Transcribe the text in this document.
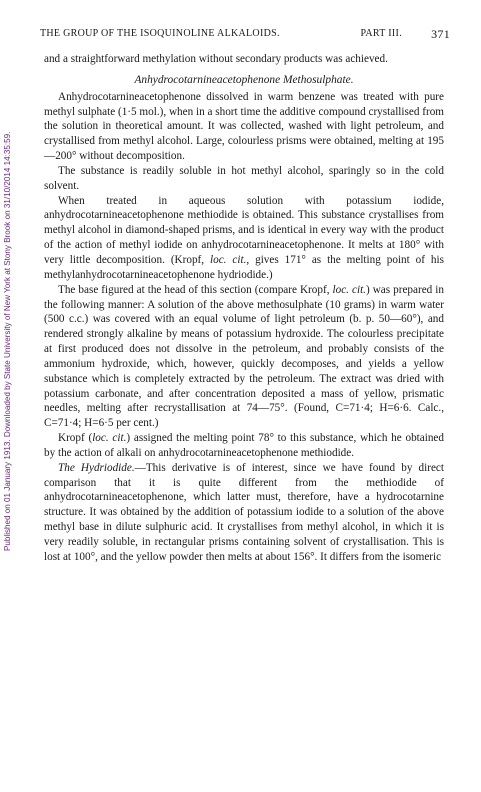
Published on 01 January 1913. Downloaded by State University of New York at Stony Brook on 31/10/2014 14:35:59.
THE GROUP OF THE ISOQUINOLINE ALKALOIDS.	PART III. 371

and a straightforward methylation without secondary products was achieved.

Anhydrocotarnineacetophenone Methosulphate.

Anhydrocotarnineacetophenone dissolved in warm benzene was treated with pure methyl sulphate (1·5 mol.), when in a short time the additive compound crystallised from the solution in theoretical amount. It was collected, washed with light petroleum, and crystallised from methyl alcohol. Large, colourless prisms were obtained, melting at 195—200° without decomposition.

The substance is readily soluble in hot methyl alcohol, sparingly so in the cold solvent.

When treated in aqueous solution with potassium iodide, anhydrocotarnineacetophenone methiodide is obtained. This substance crystallises from methyl alcohol in diamond-shaped prisms, and is identical in every way with the product of the action of methyl iodide on anhydrocotarnineacetophenone. It melts at 180° with very little decomposition. (Kropf, loc. cit., gives 171° as the melting point of his methylanhydrocotarnineacetophenone hydriodide.)

The base figured at the head of this section (compare Kropf, loc. cit.) was prepared in the following manner: A solution of the above methosulphate (10 grams) in warm water (500 c.c.) was covered with an equal volume of light petroleum (b. p. 50—60°), and rendered strongly alkaline by means of potassium hydroxide. The colourless precipitate at first produced does not dissolve in the petroleum, and probably consists of the ammonium hydroxide, which, however, quickly decomposes, and yields a yellow substance which is completely extracted by the petroleum. The extract was dried with potassium carbonate, and after concentration deposited a mass of yellow, prismatic needles, melting after recrystallisation at 74—75°. (Found, C=71·4; H=6·6. Calc., C=71·4; H=6·5 per cent.)

Kropf (loc. cit.) assigned the melting point 78° to this substance, which he obtained by the action of alkali on anhydrocotarnineacetophenone methiodide.

The Hydriodide.—This derivative is of interest, since we have found by direct comparison that it is quite different from the methiodide of anhydrocotarnineacetophenone, which latter must, therefore, have a hydrocotarnine structure. It was obtained by the addition of potassium iodide to a solution of the above methyl base in dilute sulphuric acid. It crystallises from methyl alcohol, in which it is very readily soluble, in rectangular prisms containing solvent of crystallisation. This is lost at 100°, and the yellow powder then melts at about 156°. It differs from the isomeric
